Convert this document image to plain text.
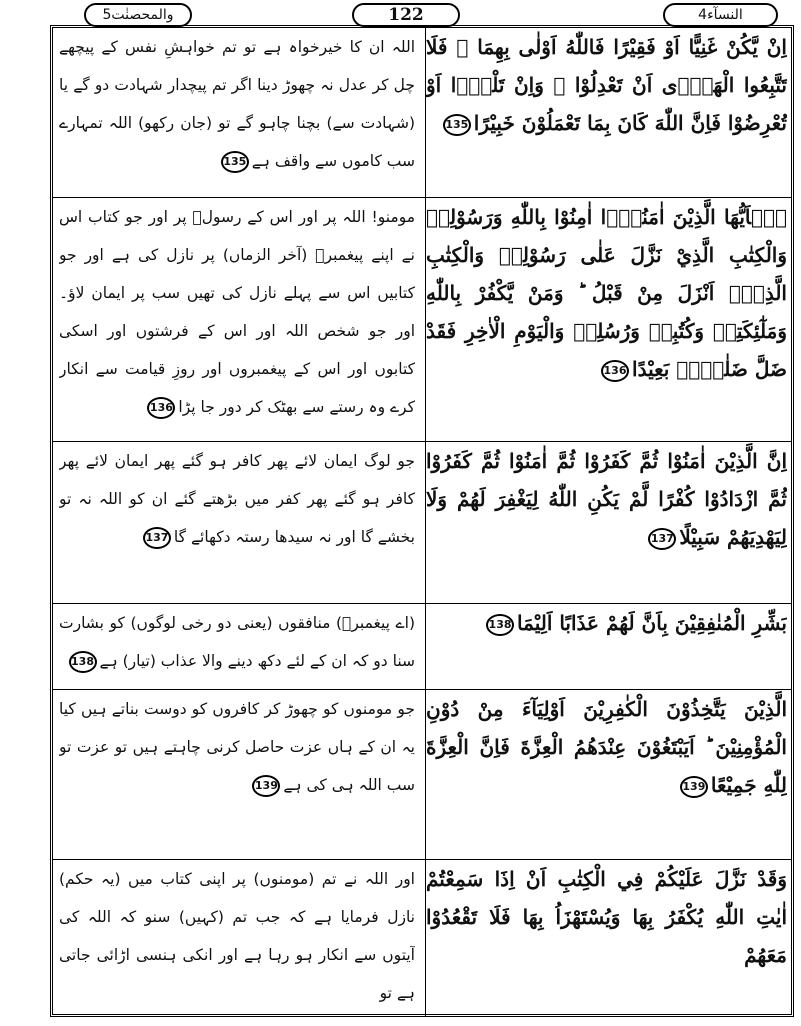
والمحصنٰت5	122	النسآء4
اِنْ يَّكُنْ غَنِيًّا اَوْ فَقِيْرًا فَاللّٰهُ اَوْلٰى بِهِمَا ۟ فَلَا تَتَّبِعُوا الْهَوٰۤى اَنْ تَعْدِلُوْا ۚ وَاِنْ تَلْوٗۤا اَوْ تُعْرِضُوْا فَاِنَّ اللّٰهَ كَانَ بِمَا تَعْمَلُوْنَ خَبِيْرًا135
اللہ ان کا خیرخواہ ہے تو تم خواہشِ نفس کے پیچھے چل کر عدل نہ چھوڑ دینا اگر تم پیچدار شہادت دو گے یا (شہادت سے) بچنا چاہو گے تو (جان رکھو) اللہ تمہارے سب کاموں سے واقف ہے135
يٰۤاَيُّهَا الَّذِيْنَ اٰمَنُوْۤا اٰمِنُوْا بِاللّٰهِ وَرَسُوْلِهٖ وَالْكِتٰبِ الَّذِيْ نَزَّلَ عَلٰى رَسُوْلِهٖ وَالْكِتٰبِ الَّذِيْۤ اَنْزَلَ مِنْ قَبْلُ ؕ وَمَنْ يَّكْفُرْ بِاللّٰهِ وَمَلٰٓئِكَتِهٖ وَكُتُبِهٖ وَرُسُلِهٖ وَالْيَوْمِ الْاٰخِرِ فَقَدْ ضَلَّ ضَلٰلًاۢ بَعِيْدًا136
مومنو! اللہ پر اور اس کے رسولؐ پر اور جو کتاب اس نے اپنے پیغمبرؐ (آخر الزماں) پر نازل کی ہے اور جو کتابیں اس سے پہلے نازل کی تھیں سب پر ایمان لاؤ۔ اور جو شخص اللہ اور اس کے فرشتوں اور اسکی کتابوں اور اس کے پیغمبروں اور روزِ قیامت سے انکار کرے وہ رستے سے بھٹک کر دور جا پڑا136
اِنَّ الَّذِيْنَ اٰمَنُوْا ثُمَّ كَفَرُوْا ثُمَّ اٰمَنُوْا ثُمَّ كَفَرُوْا ثُمَّ ازْدَادُوْا كُفْرًا لَّمْ يَكُنِ اللّٰهُ لِيَغْفِرَ لَهُمْ وَلَا لِيَهْدِيَهُمْ سَبِيْلًا137
جو لوگ ایمان لائے پھر کافر ہو گئے پھر ایمان لائے پھر کافر ہو گئے پھر کفر میں بڑھتے گئے ان کو اللہ نہ تو بخشے گا اور نہ سیدھا رستہ دکھائے گا137
بَشِّرِ الْمُنٰفِقِيْنَ بِاَنَّ لَهُمْ عَذَابًا اَلِيْمَا138
(اے پیغمبرؐ) منافقوں (یعنی دو رخی لوگوں) کو بشارت سنا دو کہ ان کے لئے دکھ دینے والا عذاب (تیار) ہے138
الَّذِيْنَ يَتَّخِذُوْنَ الْكٰفِرِيْنَ اَوْلِيَآءَ مِنْ دُوْنِ الْمُؤْمِنِيْنَ ؕ اَيَبْتَغُوْنَ عِنْدَهُمُ الْعِزَّةَ فَاِنَّ الْعِزَّةَ لِلّٰهِ جَمِيْعًا139
جو مومنوں کو چھوڑ کر کافروں کو دوست بناتے ہیں کیا یہ ان کے ہاں عزت حاصل کرنی چاہتے ہیں تو عزت تو سب اللہ ہی کی ہے139
وَقَدْ نَزَّلَ عَلَيْكُمْ فِي الْكِتٰبِ اَنْ اِذَا سَمِعْتُمْ اٰيٰتِ اللّٰهِ يُكْفَرُ بِهَا وَيُسْتَهْزَاُ بِهَا فَلَا تَقْعُدُوْا مَعَهُمْ
اور اللہ نے تم (مومنوں) پر اپنی کتاب میں (یہ حکم) نازل فرمایا ہے کہ جب تم (کہیں) سنو کہ اللہ کی آیتوں سے انکار ہو رہا ہے اور انکی ہنسی اڑائی جاتی ہے تو
